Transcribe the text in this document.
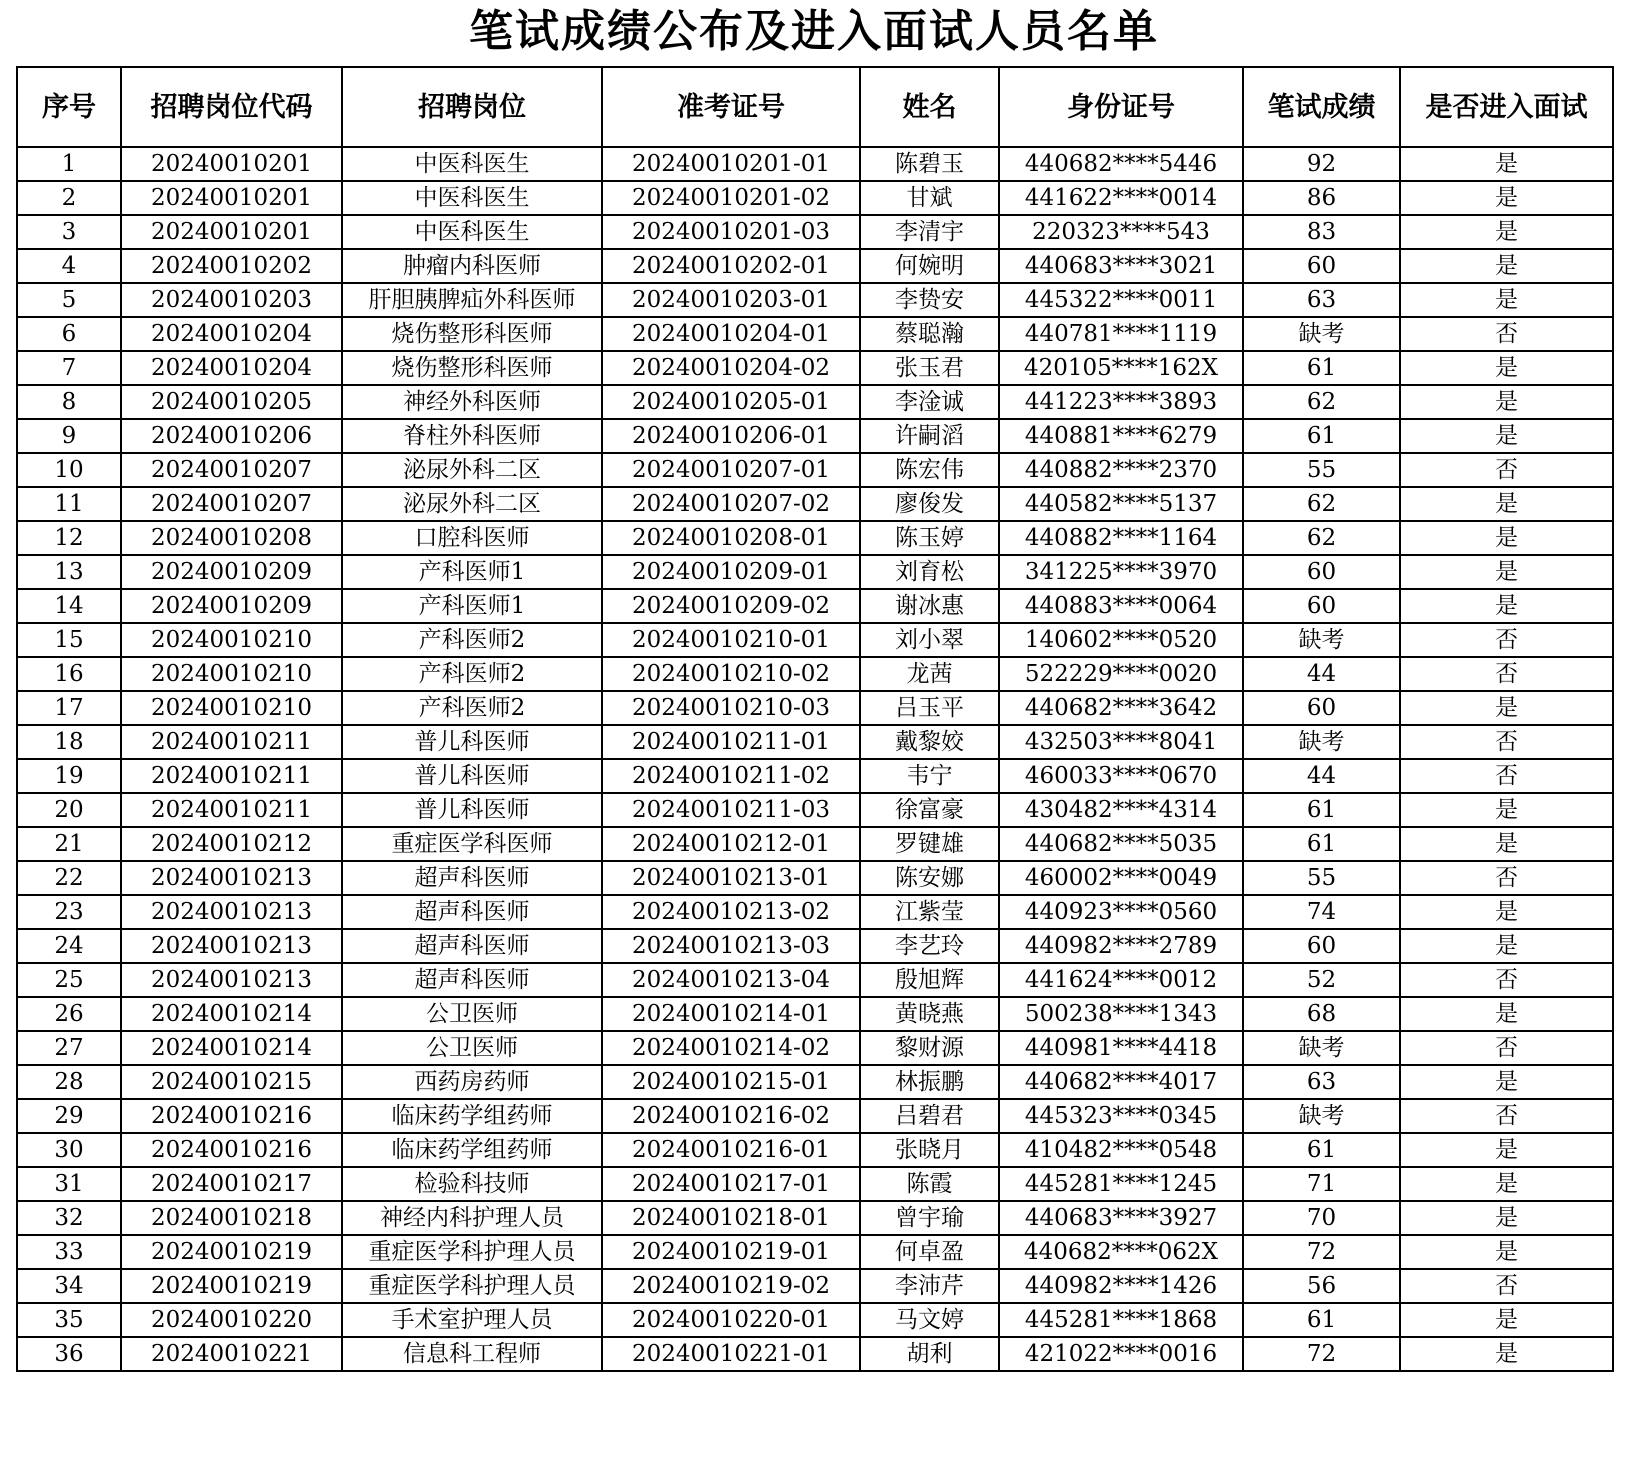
笔试成绩公布及进入面试人员名单
序号	招聘岗位代码	招聘岗位	准考证号	姓名	身份证号	笔试成绩	是否进入面试
1	20240010201	中医科医生	20240010201-01	陈碧玉	440682****5446	92	是
2	20240010201	中医科医生	20240010201-02	甘斌	441622****0014	86	是
3	20240010201	中医科医生	20240010201-03	李清宇	220323****543	83	是
4	20240010202	肿瘤内科医师	20240010202-01	何婉明	440683****3021	60	是
5	20240010203	肝胆胰脾疝外科医师	20240010203-01	李贽安	445322****0011	63	是
6	20240010204	烧伤整形科医师	20240010204-01	蔡聪瀚	440781****1119	缺考	否
7	20240010204	烧伤整形科医师	20240010204-02	张玉君	420105****162X	61	是
8	20240010205	神经外科医师	20240010205-01	李淦诚	441223****3893	62	是
9	20240010206	脊柱外科医师	20240010206-01	许嗣滔	440881****6279	61	是
10	20240010207	泌尿外科二区	20240010207-01	陈宏伟	440882****2370	55	否
11	20240010207	泌尿外科二区	20240010207-02	廖俊发	440582****5137	62	是
12	20240010208	口腔科医师	20240010208-01	陈玉婷	440882****1164	62	是
13	20240010209	产科医师1	20240010209-01	刘育松	341225****3970	60	是
14	20240010209	产科医师1	20240010209-02	谢冰惠	440883****0064	60	是
15	20240010210	产科医师2	20240010210-01	刘小翠	140602****0520	缺考	否
16	20240010210	产科医师2	20240010210-02	龙茜	522229****0020	44	否
17	20240010210	产科医师2	20240010210-03	吕玉平	440682****3642	60	是
18	20240010211	普儿科医师	20240010211-01	戴黎姣	432503****8041	缺考	否
19	20240010211	普儿科医师	20240010211-02	韦宁	460033****0670	44	否
20	20240010211	普儿科医师	20240010211-03	徐富豪	430482****4314	61	是
21	20240010212	重症医学科医师	20240010212-01	罗键雄	440682****5035	61	是
22	20240010213	超声科医师	20240010213-01	陈安娜	460002****0049	55	否
23	20240010213	超声科医师	20240010213-02	江紫莹	440923****0560	74	是
24	20240010213	超声科医师	20240010213-03	李艺玲	440982****2789	60	是
25	20240010213	超声科医师	20240010213-04	殷旭辉	441624****0012	52	否
26	20240010214	公卫医师	20240010214-01	黄晓燕	500238****1343	68	是
27	20240010214	公卫医师	20240010214-02	黎财源	440981****4418	缺考	否
28	20240010215	西药房药师	20240010215-01	林振鹏	440682****4017	63	是
29	20240010216	临床药学组药师	20240010216-02	吕碧君	445323****0345	缺考	否
30	20240010216	临床药学组药师	20240010216-01	张晓月	410482****0548	61	是
31	20240010217	检验科技师	20240010217-01	陈霞	445281****1245	71	是
32	20240010218	神经内科护理人员	20240010218-01	曾宇瑜	440683****3927	70	是
33	20240010219	重症医学科护理人员	20240010219-01	何卓盈	440682****062X	72	是
34	20240010219	重症医学科护理人员	20240010219-02	李沛芹	440982****1426	56	否
35	20240010220	手术室护理人员	20240010220-01	马文婷	445281****1868	61	是
36	20240010221	信息科工程师	20240010221-01	胡利	421022****0016	72	是
